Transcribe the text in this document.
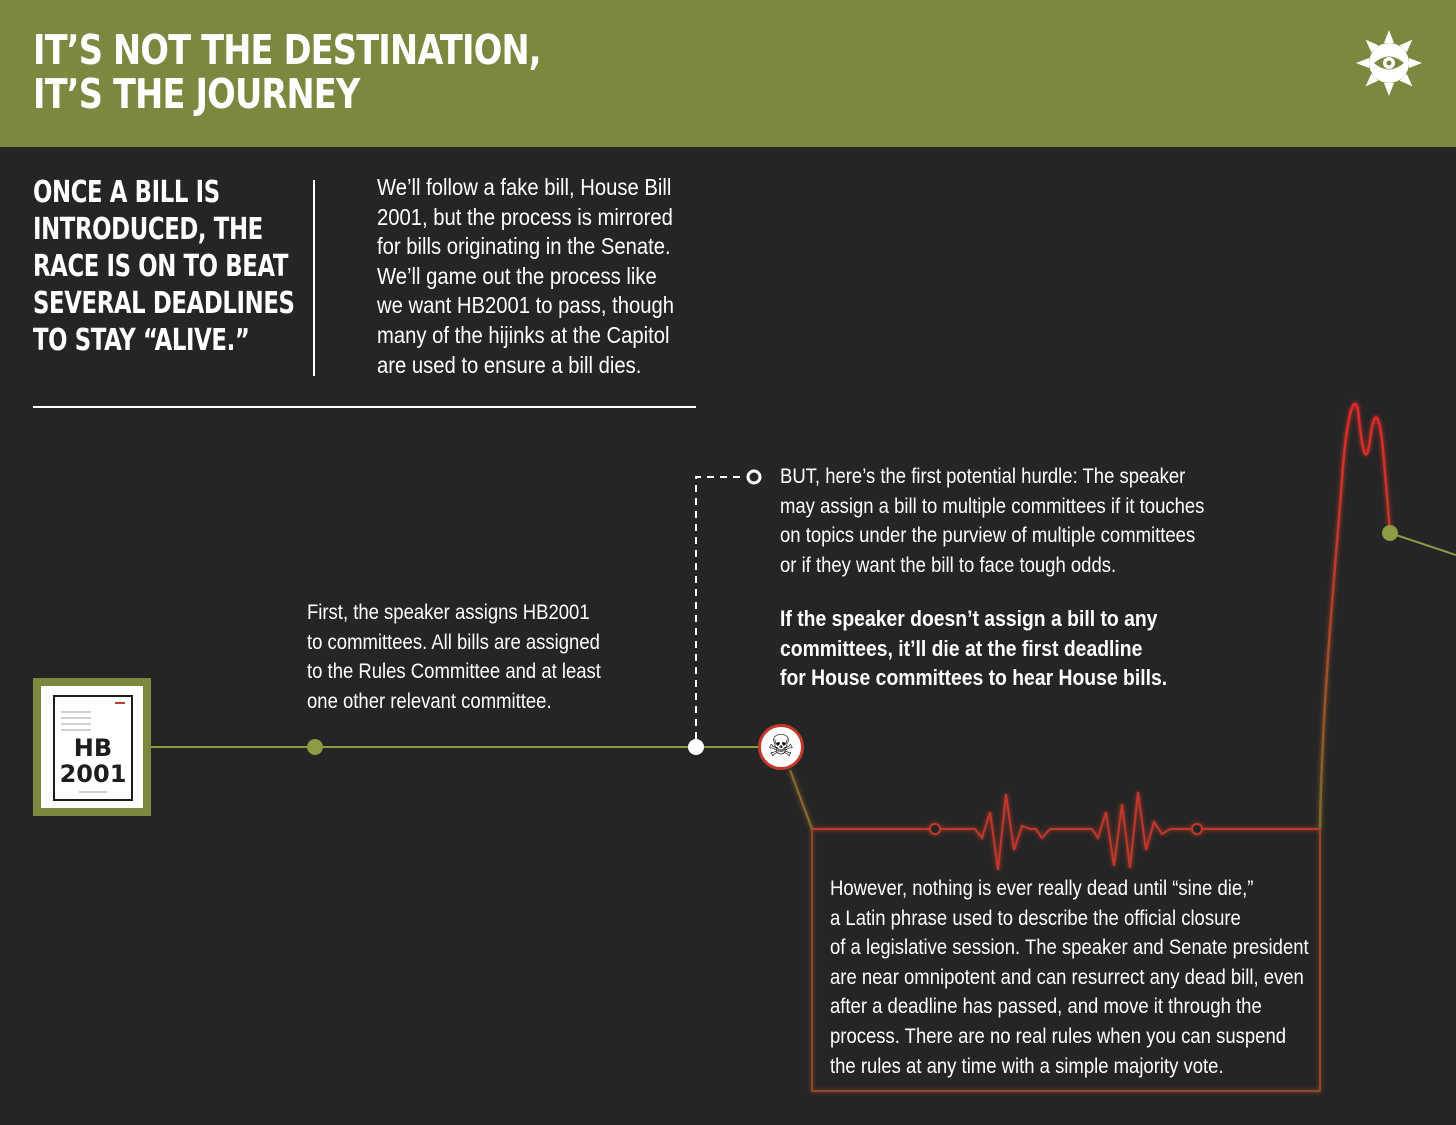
IT’S NOT THE DESTINATION,
IT’S THE JOURNEY
ONCE A BILL IS
INTRODUCED, THE
RACE IS ON TO BEAT
SEVERAL DEADLINES
TO STAY “ALIVE.”

We’ll follow a fake bill, House Bill
2001, but the process is mirrored
for bills originating in the Senate.
We’ll game out the process like
we want HB2001 to pass, though
many of the hijinks at the Capitol
are used to ensure a bill dies.

HB
2001

First, the speaker assigns HB2001
to committees. All bills are assigned
to the Rules Committee and at least
one other relevant committee.

BUT, here’s the first potential hurdle: The speaker
may assign a bill to multiple committees if it touches
on topics under the purview of multiple committees
or if they want the bill to face tough odds.

If the speaker doesn’t assign a bill to any
committees, it’ll die at the first deadline
for House committees to hear House bills.

☠

However, nothing is ever really dead until “sine die,”
a Latin phrase used to describe the official closure
of a legislative session. The speaker and Senate president
are near omnipotent and can resurrect any dead bill, even
after a deadline has passed, and move it through the
process. There are no real rules when you can suspend
the rules at any time with a simple majority vote.
